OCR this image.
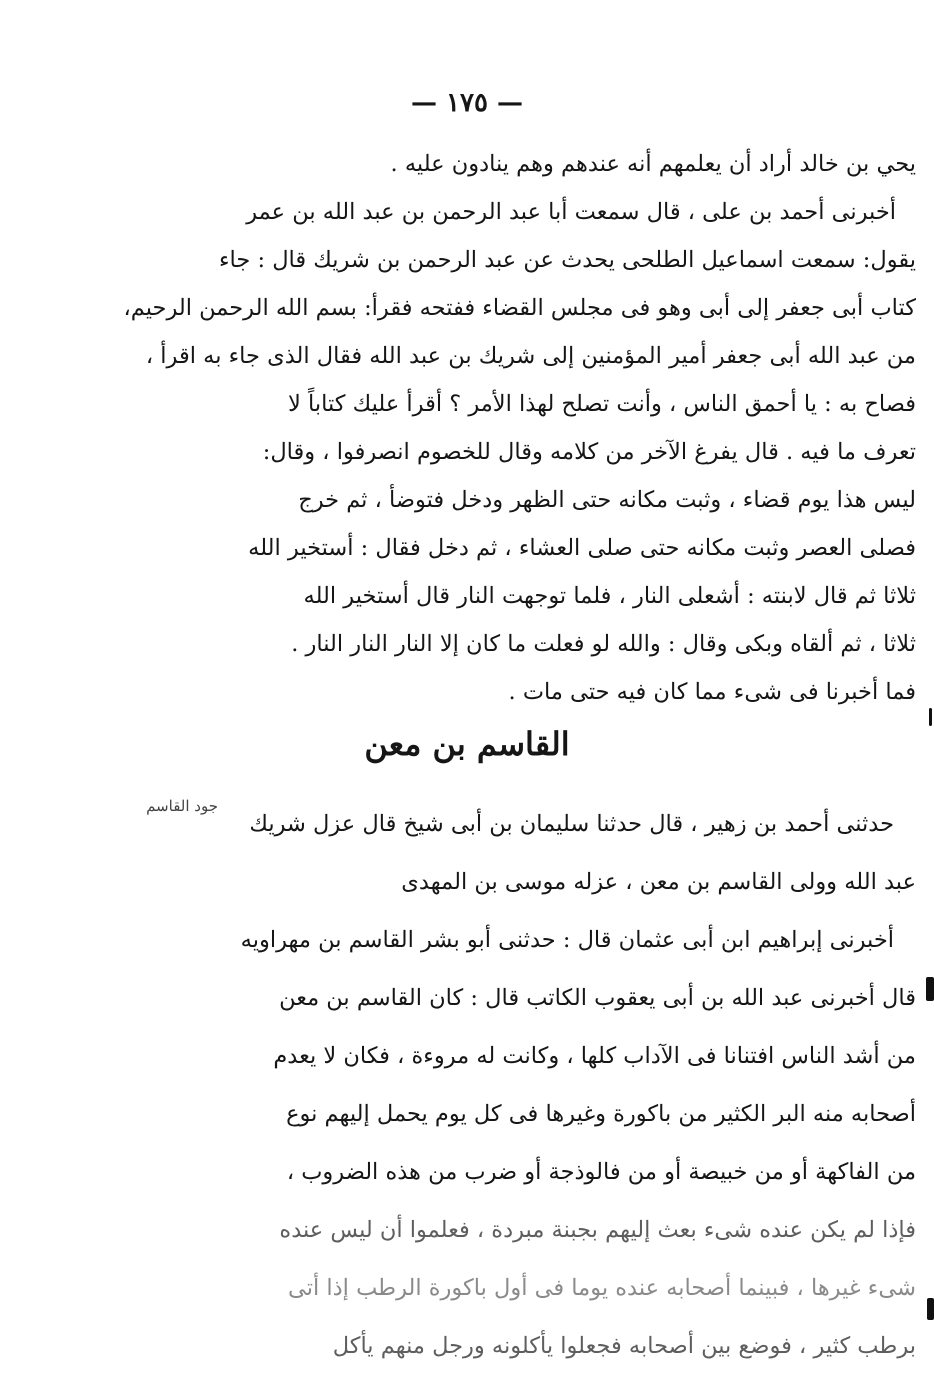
— ١٧٥ —
يحي بن خالد أراد أن يعلمهم أنه عندهم وهم ينادون عليه .
أخبرنى أحمد بن على ، قال سمعت أبا عبد الرحمن بن عبد الله بن عمر
يقول: سمعت اسماعيل الطلحى يحدث عن عبد الرحمن بن شريك قال : جاء
كتاب أبى جعفر إلى أبى وهو فى مجلس القضاء ففتحه فقرأ: بسم الله الرحمن الرحيم،
من عبد الله أبى جعفر أمير المؤمنين إلى شريك بن عبد الله فقال الذى جاء به اقرأ ،
فصاح به : يا أحمق الناس ، وأنت تصلح لهذا الأمر ؟ أقرأ عليك كتاباً لا
تعرف ما فيه . قال يفرغ الآخر من كلامه وقال للخصوم انصرفوا ، وقال:
ليس هذا يوم قضاء ، وثبت مكانه حتى الظهر ودخل فتوضأ ، ثم خرج
فصلى العصر وثبت مكانه حتى صلى العشاء ، ثم دخل فقال : أستخير الله
ثلاثا ثم قال لابنته : أشعلى النار ، فلما توجهت النار قال أستخير الله
ثلاثا ، ثم ألقاه وبكى وقال : والله لو فعلت ما كان إلا النار النار النار .
فما أخبرنا فى شىء مما كان فيه حتى مات .
القاسم بن معن
جود القاسم
حدثنى أحمد بن زهير ، قال حدثنا سليمان بن أبى شيخ قال عزل شريك
عبد الله وولى القاسم بن معن ، عزله موسى بن المهدى
أخبرنى إبراهيم ابن أبى عثمان قال : حدثنى أبو بشر القاسم بن مهراويه
قال أخبرنى عبد الله بن أبى يعقوب الكاتب قال : كان القاسم بن معن
من أشد الناس افتنانا فى الآداب كلها ، وكانت له مروءة ، فكان لا يعدم
أصحابه منه البر الكثير من باكورة وغيرها فى كل يوم يحمل إليهم نوع
من الفاكهة أو من خبيصة أو من فالوذجة أو ضرب من هذه الضروب ،
فإذا لم يكن عنده شىء بعث إليهم بجبنة مبردة ، فعلموا أن ليس عنده
شىء غيرها ، فبينما أصحابه عنده يوما فى أول باكورة الرطب إذا أتى
برطب كثير ، فوضع بين أصحابه فجعلوا يأكلونه ورجل منهم يأكل
